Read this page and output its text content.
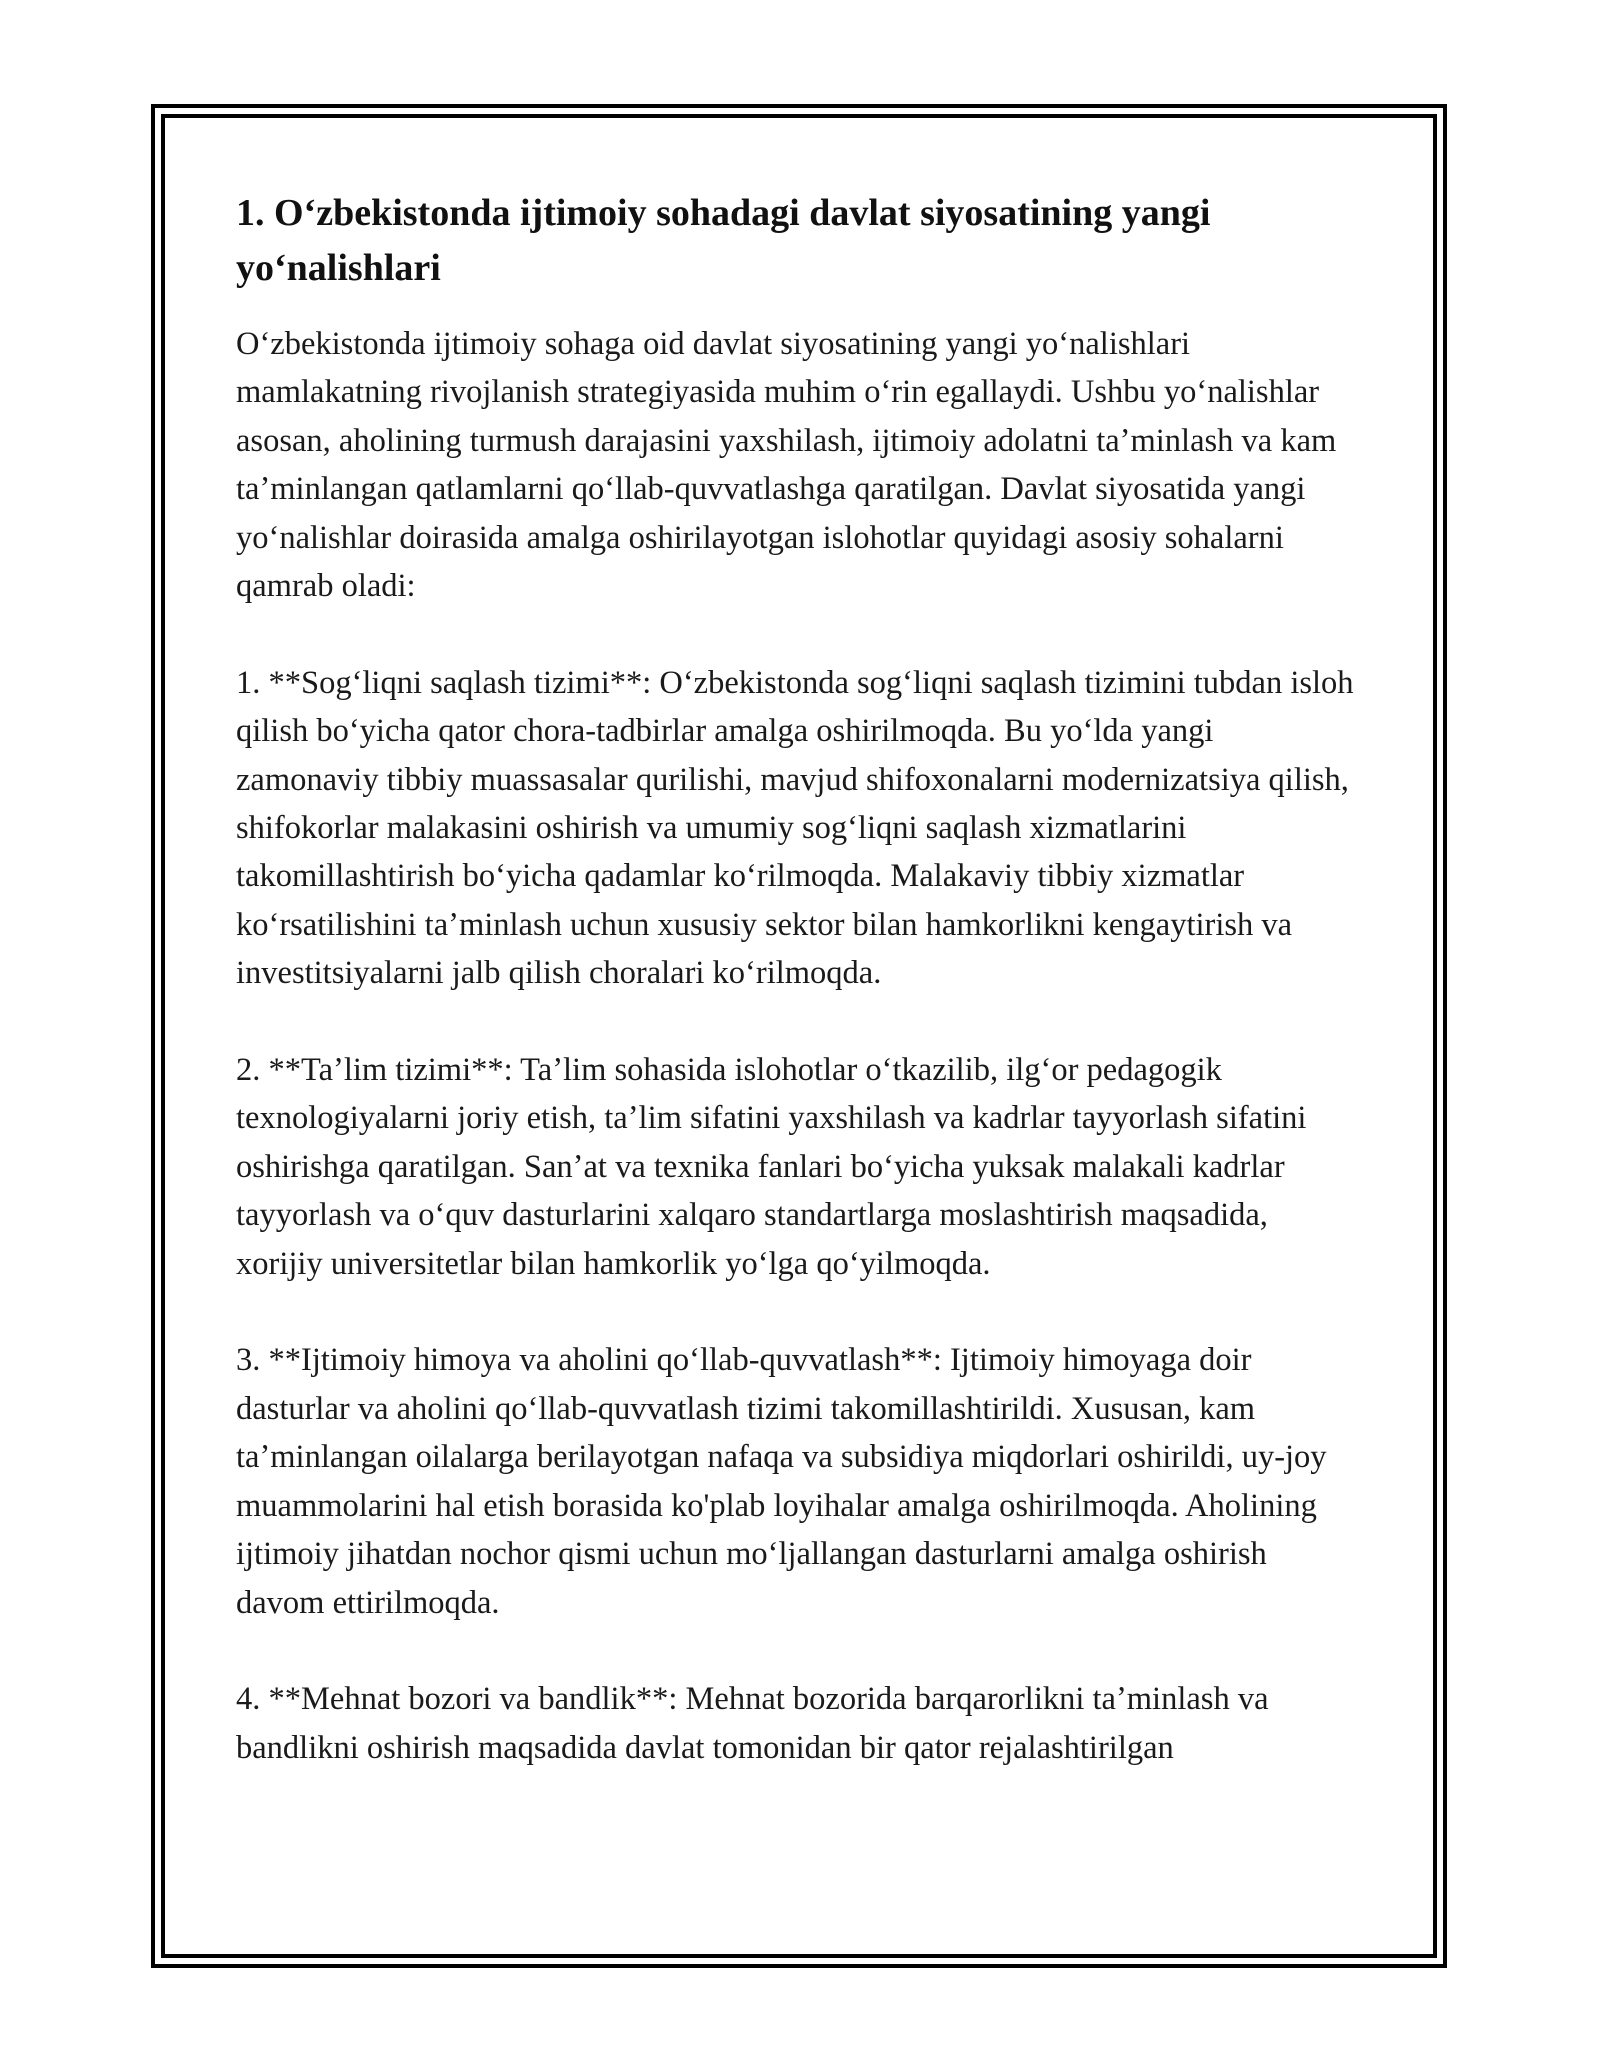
1. Oʻzbekistonda ijtimoiy sohadagi davlat siyosatining yangi yoʻnalishlari

Oʻzbekistonda ijtimoiy sohaga oid davlat siyosatining yangi yoʻnalishlari mamlakatning rivojlanish strategiyasida muhim oʻrin egallaydi. Ushbu yoʻnalishlar asosan, aholining turmush darajasini yaxshilash, ijtimoiy adolatni taʼminlash va kam taʼminlangan qatlamlarni qoʻllab-quvvatlashga qaratilgan. Davlat siyosatida yangi yoʻnalishlar doirasida amalga oshirilayotgan islohotlar quyidagi asosiy sohalarni qamrab oladi:

1. **Sogʻliqni saqlash tizimi**: Oʻzbekistonda sogʻliqni saqlash tizimini tubdan isloh qilish boʻyicha qator chora-tadbirlar amalga oshirilmoqda. Bu yoʻlda yangi zamonaviy tibbiy muassasalar qurilishi, mavjud shifoxonalarni modernizatsiya qilish, shifokorlar malakasini oshirish va umumiy sogʻliqni saqlash xizmatlarini takomillashtirish boʻyicha qadamlar koʻrilmoqda. Malakaviy tibbiy xizmatlar koʻrsatilishini taʼminlash uchun xususiy sektor bilan hamkorlikni kengaytirish va investitsiyalarni jalb qilish choralari koʻrilmoqda.

2. **Taʼlim tizimi**: Taʼlim sohasida islohotlar oʻtkazilib, ilgʻor pedagogik texnologiyalarni joriy etish, taʼlim sifatini yaxshilash va kadrlar tayyorlash sifatini oshirishga qaratilgan. Sanʼat va texnika fanlari boʻyicha yuksak malakali kadrlar tayyorlash va oʻquv dasturlarini xalqaro standartlarga moslashtirish maqsadida, xorijiy universitetlar bilan hamkorlik yoʻlga qoʻyilmoqda.

3. **Ijtimoiy himoya va aholini qoʻllab-quvvatlash**: Ijtimoiy himoyaga doir dasturlar va aholini qoʻllab-quvvatlash tizimi takomillashtirildi. Xususan, kam taʼminlangan oilalarga berilayotgan nafaqa va subsidiya miqdorlari oshirildi, uy-joy muammolarini hal etish borasida ko'plab loyihalar amalga oshirilmoqda. Aholining ijtimoiy jihatdan nochor qismi uchun moʻljallangan dasturlarni amalga oshirish davom ettirilmoqda.

4. **Mehnat bozori va bandlik**: Mehnat bozorida barqarorlikni taʼminlash va bandlikni oshirish maqsadida davlat tomonidan bir qator rejalashtirilgan
